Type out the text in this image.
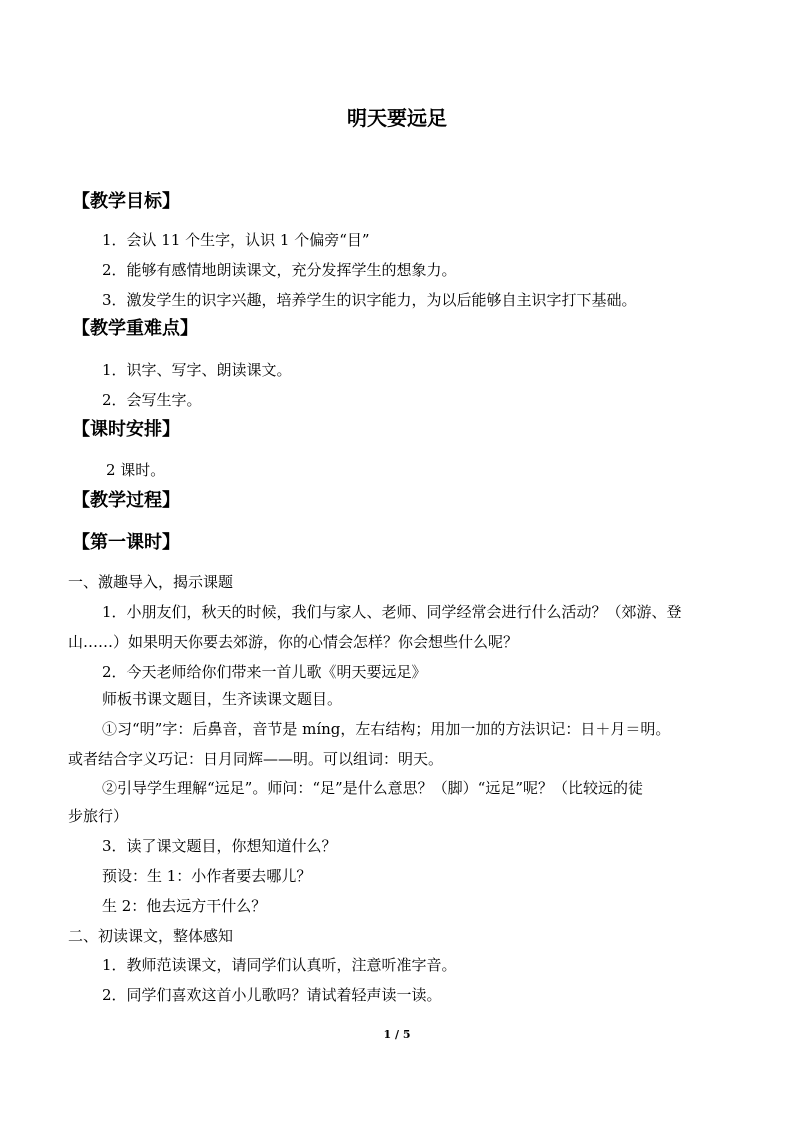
明天要远足
【教学目标】
1．会认 11 个生字，认识 1 个偏旁“目”
2．能够有感情地朗读课文，充分发挥学生的想象力。
3．激发学生的识字兴趣，培养学生的识字能力，为以后能够自主识字打下基础。
【教学重难点】
1．识字、写字、朗读课文。
2．会写生字。
【课时安排】
2 课时。
【教学过程】
【第一课时】
一、激趣导入，揭示课题
1．小朋友们，秋天的时候，我们与家人、老师、同学经常会进行什么活动？（郊游、登
山……）如果明天你要去郊游，你的心情会怎样？你会想些什么呢？
2．今天老师给你们带来一首儿歌《明天要远足》
师板书课文题目，生齐读课文题目。
①习“明”字：后鼻音，音节是 míng，左右结构；用加一加的方法识记：日＋月＝明。
或者结合字义巧记：日月同辉——明。可以组词：明天。
②引导学生理解“远足”。师问：“足”是什么意思？（脚）“远足”呢？（比较远的徒
步旅行）
3．读了课文题目，你想知道什么？
预设：生 1：小作者要去哪儿？
生 2：他去远方干什么？
二、初读课文，整体感知
1．教师范读课文，请同学们认真听，注意听准字音。
2．同学们喜欢这首小儿歌吗？请试着轻声读一读。
1 / 5
